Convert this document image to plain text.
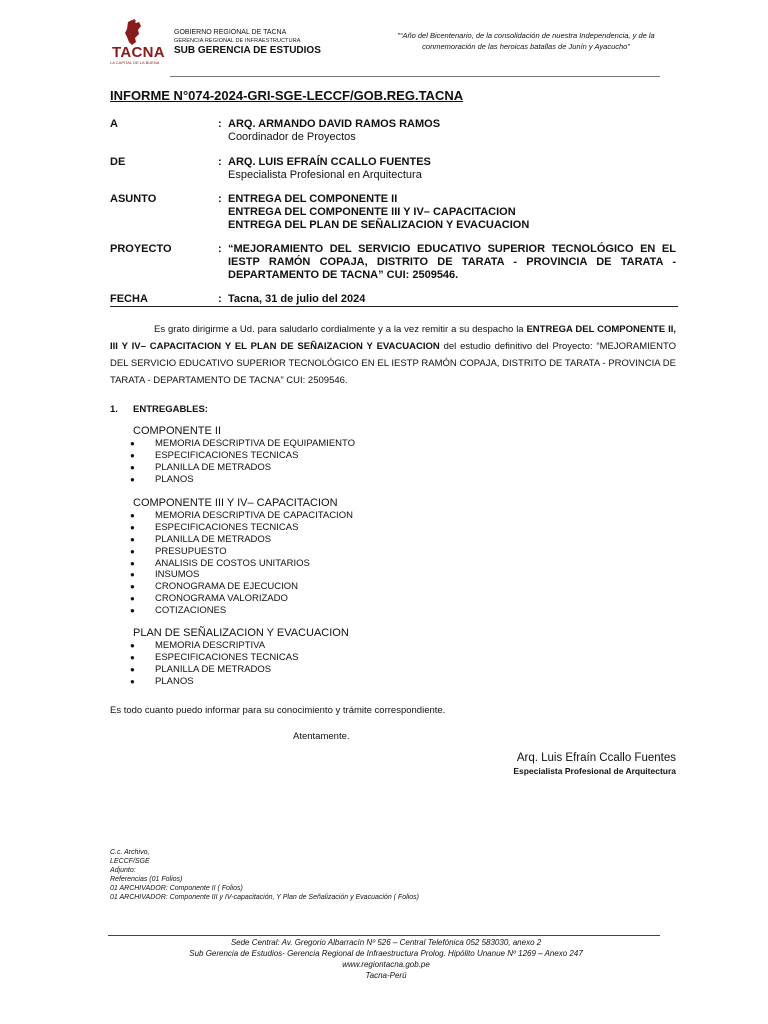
TACNA
LA CAPITAL DE LA BUENA
GOBIERNO REGIONAL DE TACNA
GERENCIA REGIONAL DE INFRAESTRUCTURA
SUB GERENCIA DE ESTUDIOS
"“Año del Bicentenario, de la consolidación de nuestra Independencia, y de la conmemoración de las heroicas batallas de Junín y Ayacucho”
INFORME N°074-2024-GRI-SGE-LECCF/GOB.REG.TACNA
A	: ARQ. ARMANDO DAVID RAMOS RAMOS
Coordinador de Proyectos
DE	: ARQ. LUIS EFRAÍN CCALLO FUENTES
Especialista Profesional en Arquitectura
ASUNTO	: ENTREGA DEL COMPONENTE II
ENTREGA DEL COMPONENTE III Y IV– CAPACITACION
ENTREGA DEL PLAN DE SEÑALIZACION Y EVACUACION
PROYECTO	: “MEJORAMIENTO DEL SERVICIO EDUCATIVO SUPERIOR TECNOLÓGICO EN EL IESTP RAMÓN COPAJA, DISTRITO DE TARATA - PROVINCIA DE TARATA - DEPARTAMENTO DE TACNA” CUI: 2509546.
FECHA	: Tacna, 31 de julio del 2024
Es grato dirigirme a Ud. para saludarlo cordialmente y a la vez remitir a su despacho la ENTREGA DEL COMPONENTE II, III Y IV– CAPACITACION Y EL PLAN DE SEÑAIZACION Y EVACUACION del estudio definitivo del Proyecto: “MEJORAMIENTO DEL SERVICIO EDUCATIVO SUPERIOR TECNOLÓGICO EN EL IESTP RAMÓN COPAJA, DISTRITO DE TARATA - PROVINCIA DE TARATA - DEPARTAMENTO DE TACNA” CUI: 2509546.
1. ENTREGABLES:
COMPONENTE II
● MEMORIA DESCRIPTIVA DE EQUIPAMIENTO
● ESPECIFICACIONES TECNICAS
● PLANILLA DE METRADOS
● PLANOS
COMPONENTE III Y IV– CAPACITACION
● MEMORIA DESCRIPTIVA DE CAPACITACION
● ESPECIFICACIONES TECNICAS
● PLANILLA DE METRADOS
● PRESUPUESTO
● ANALISIS DE COSTOS UNITARIOS
● INSUMOS
● CRONOGRAMA DE EJECUCION
● CRONOGRAMA VALORIZADO
● COTIZACIONES
PLAN DE SEÑALIZACION Y EVACUACION
● MEMORIA DESCRIPTIVA
● ESPECIFICACIONES TECNICAS
● PLANILLA DE METRADOS
● PLANOS
Es todo cuanto puedo informar para su conocimiento y trámite correspondiente.
Atentamente.
Arq. Luis Efraín Ccallo Fuentes
Especialista Profesional de Arquitectura
C.c. Archivo,
LECCF/SGE
Adjunto:
Referencias (01 Folios)
01 ARCHIVADOR: Componente II ( Folios)
01 ARCHIVADOR: Componente III y IV-capacitación, Y Plan de Señalización y Evacuación ( Folios)
Sede Central: Av. Gregorio Albarracín Nº 526 – Central Telefónica 052 583030, anexo 2
Sub Gerencia de Estudios- Gerencia Regional de Infraestructura Prolog. Hipólito Unanue Nº 1269 – Anexo 247
www.regiontacna.gob.pe
Tacna-Perú
